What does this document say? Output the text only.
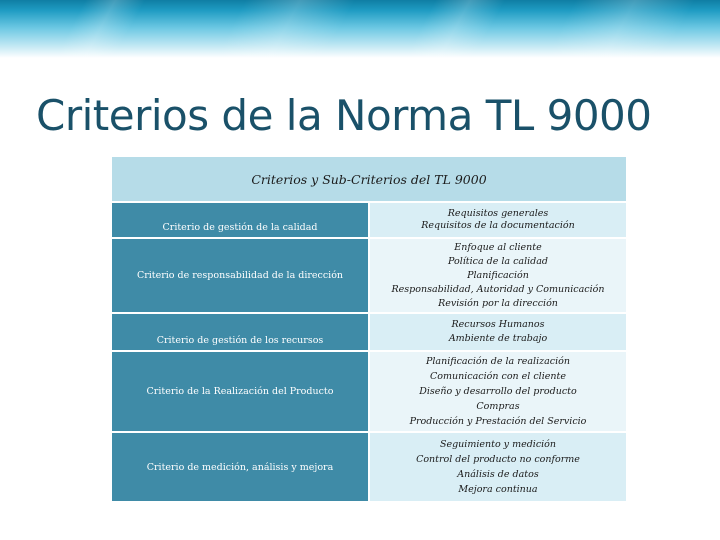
Criterios de la Norma TL 9000
Criterios y Sub-Criterios del TL 9000
Criterio de gestión de la calidad
Requisitos generales
Requisitos de la documentación
Criterio de responsabilidad de la dirección
Enfoque al cliente
Política de la calidad
Planificación
Responsabilidad, Autoridad y Comunicación
Revisión por la dirección
Criterio de gestión de los recursos
Recursos Humanos
Ambiente de trabajo
Criterio de la Realización del Producto
Planificación de la realización
Comunicación con el cliente
Diseño y desarrollo del producto
Compras
Producción y Prestación del Servicio
Criterio de medición, análisis y mejora
Seguimiento y medición
Control del producto no conforme
Análisis de datos
Mejora continua
